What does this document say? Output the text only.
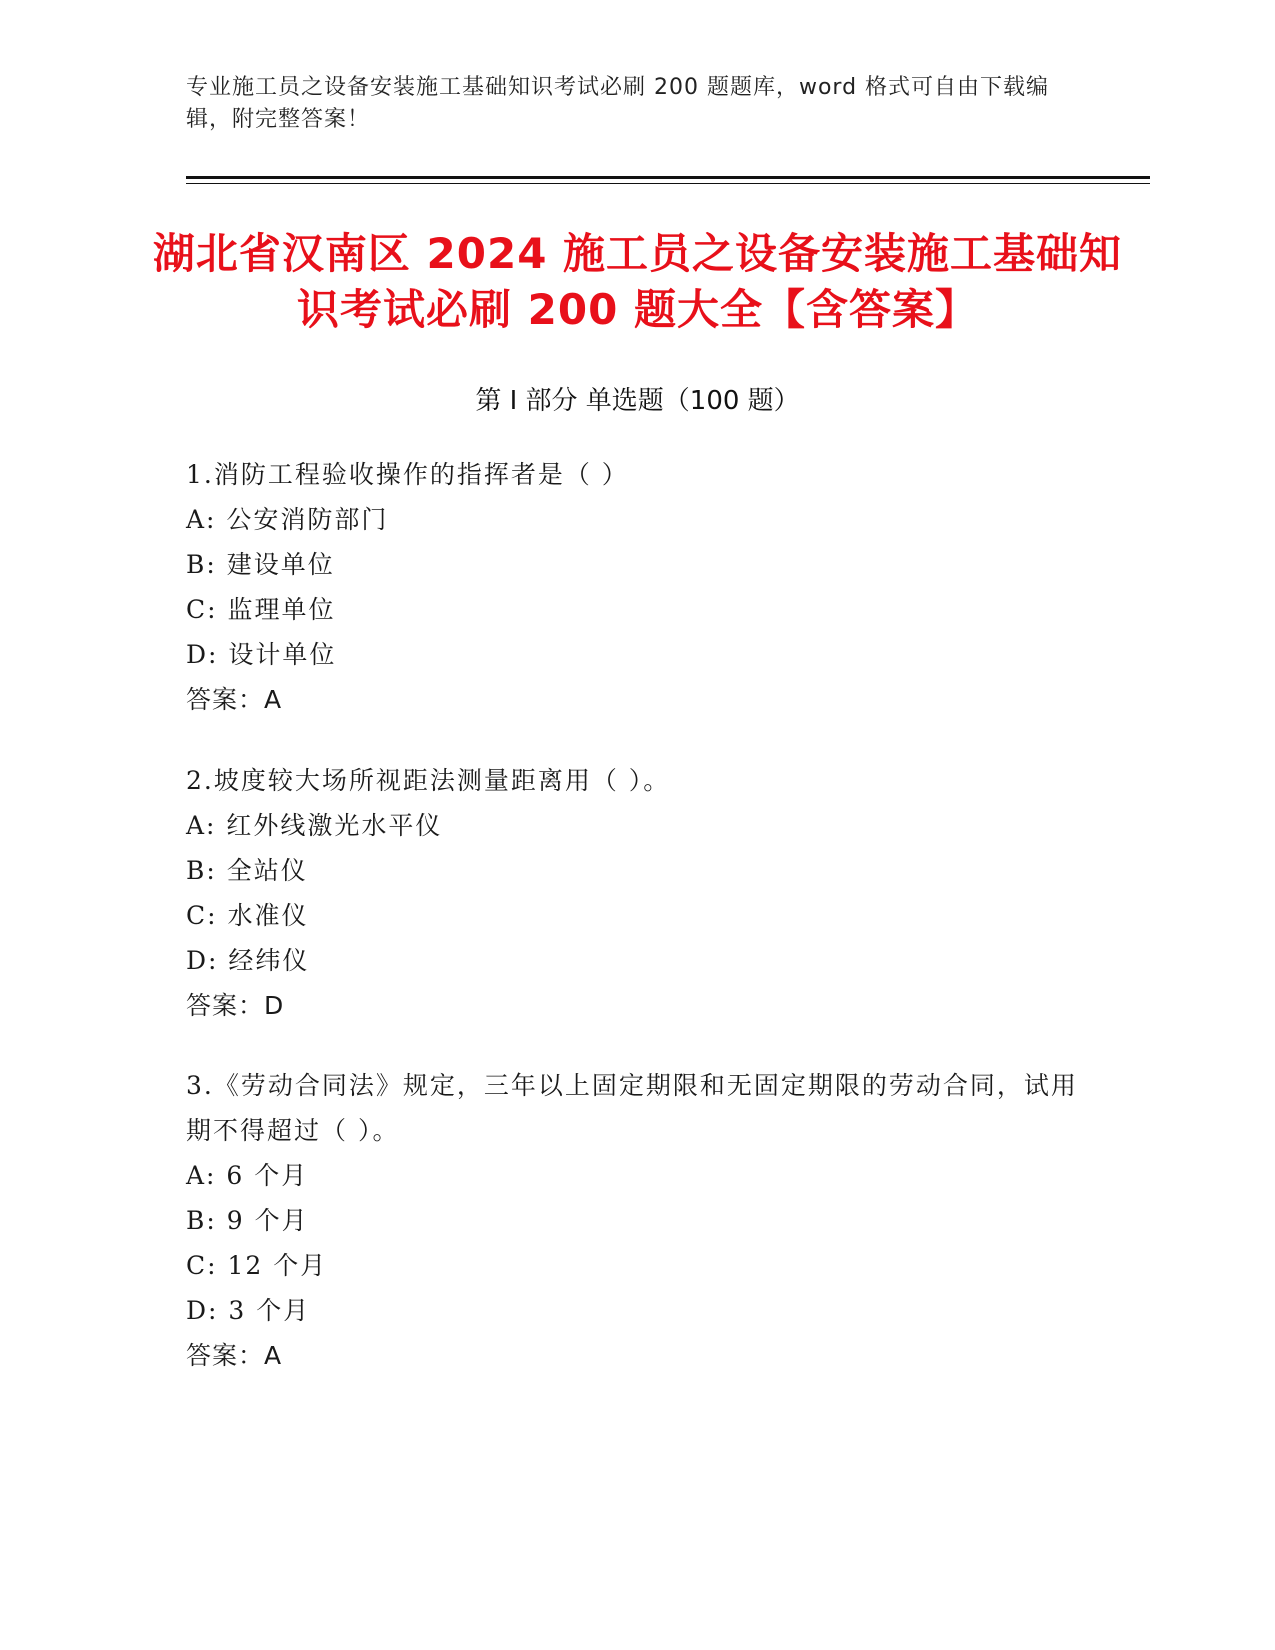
专业施工员之设备安装施工基础知识考试必刷 200 题题库，word 格式可自由下载编辑，附完整答案！
湖北省汉南区 2024 施工员之设备安装施工基础知识考试必刷 200 题大全【含答案】
第 I 部分 单选题（100 题）
1.消防工程验收操作的指挥者是（ ）
A: 公安消防部门
B: 建设单位
C: 监理单位
D: 设计单位
答案：A
2.坡度较大场所视距法测量距离用（ ）。
A: 红外线激光水平仪
B: 全站仪
C: 水准仪
D: 经纬仪
答案：D
3.《劳动合同法》规定，三年以上固定期限和无固定期限的劳动合同，试用期不得超过（ ）。
A: 6 个月
B: 9 个月
C: 12 个月
D: 3 个月
答案：A
